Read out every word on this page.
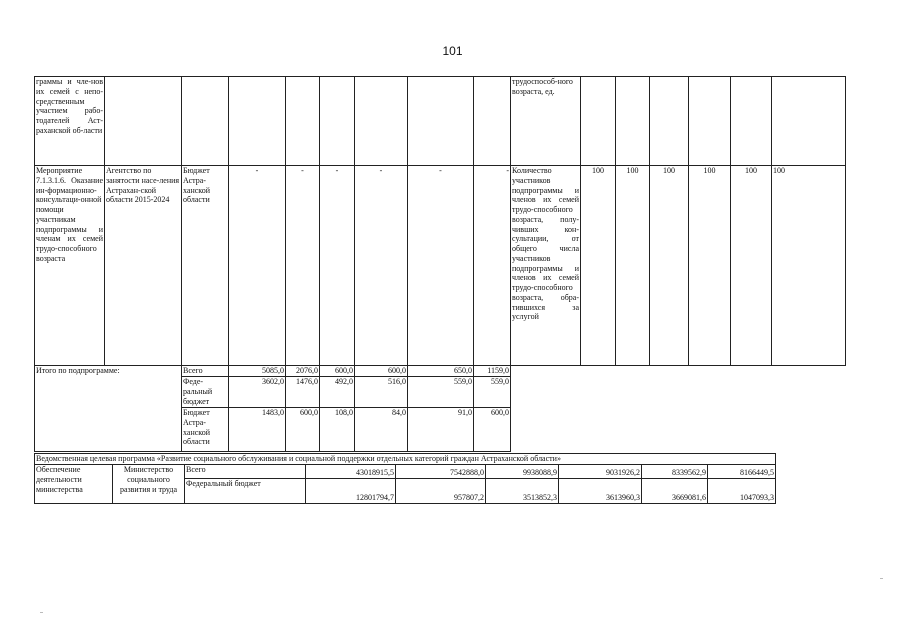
101
граммы и чле-нов их семей с непо-средственным участием рабо-тодателей Аст-раханской об-ласти									трудоспособ-ного возраста, ед.						
Мероприятие 7.1.3.1.6. Оказание ин-формационно-консультаци-онной помощи участникам подпрограммы и членам их семей трудо-способного возраста	Агентство по занятости насе-ления Астрахан-ской области 2015-2024	Бюджет Астра-ханской области	-	-	-	-	-	-	Количество участников подпрограммы и членов их семей трудо-способного возраста, полу-чивших кон-сультации, от общего числа участников подпрограммы и членов их семей трудо-способного возраста, обра-тившихся за услугой	100	100	100	100	100	100
Итого по подпрограмме:		Всего	5085,0	2076,0	600,0	600,0	650,0	1159,0							
		Феде-ральный бюджет	3602,0	1476,0	492,0	516,0	559,0	559,0							
		Бюджет Астра-ханской области	1483,0	600,0	108,0	84,0	91,0	600,0							
Ведомственная целевая программа «Развитие социального обслуживания и социальной поддержки отдельных категорий граждан Астраханской области»								
Обеспечение деятельности министерства	Министерство социального развития и труда	Всего	43018915,5	7542888,0	9938088,9	9031926,2	8339562,9	8166449,5
		Федеральный бюджет	12801794,7	957807,2	3513852,3	3613960,3	3669081,6	1047093,3
